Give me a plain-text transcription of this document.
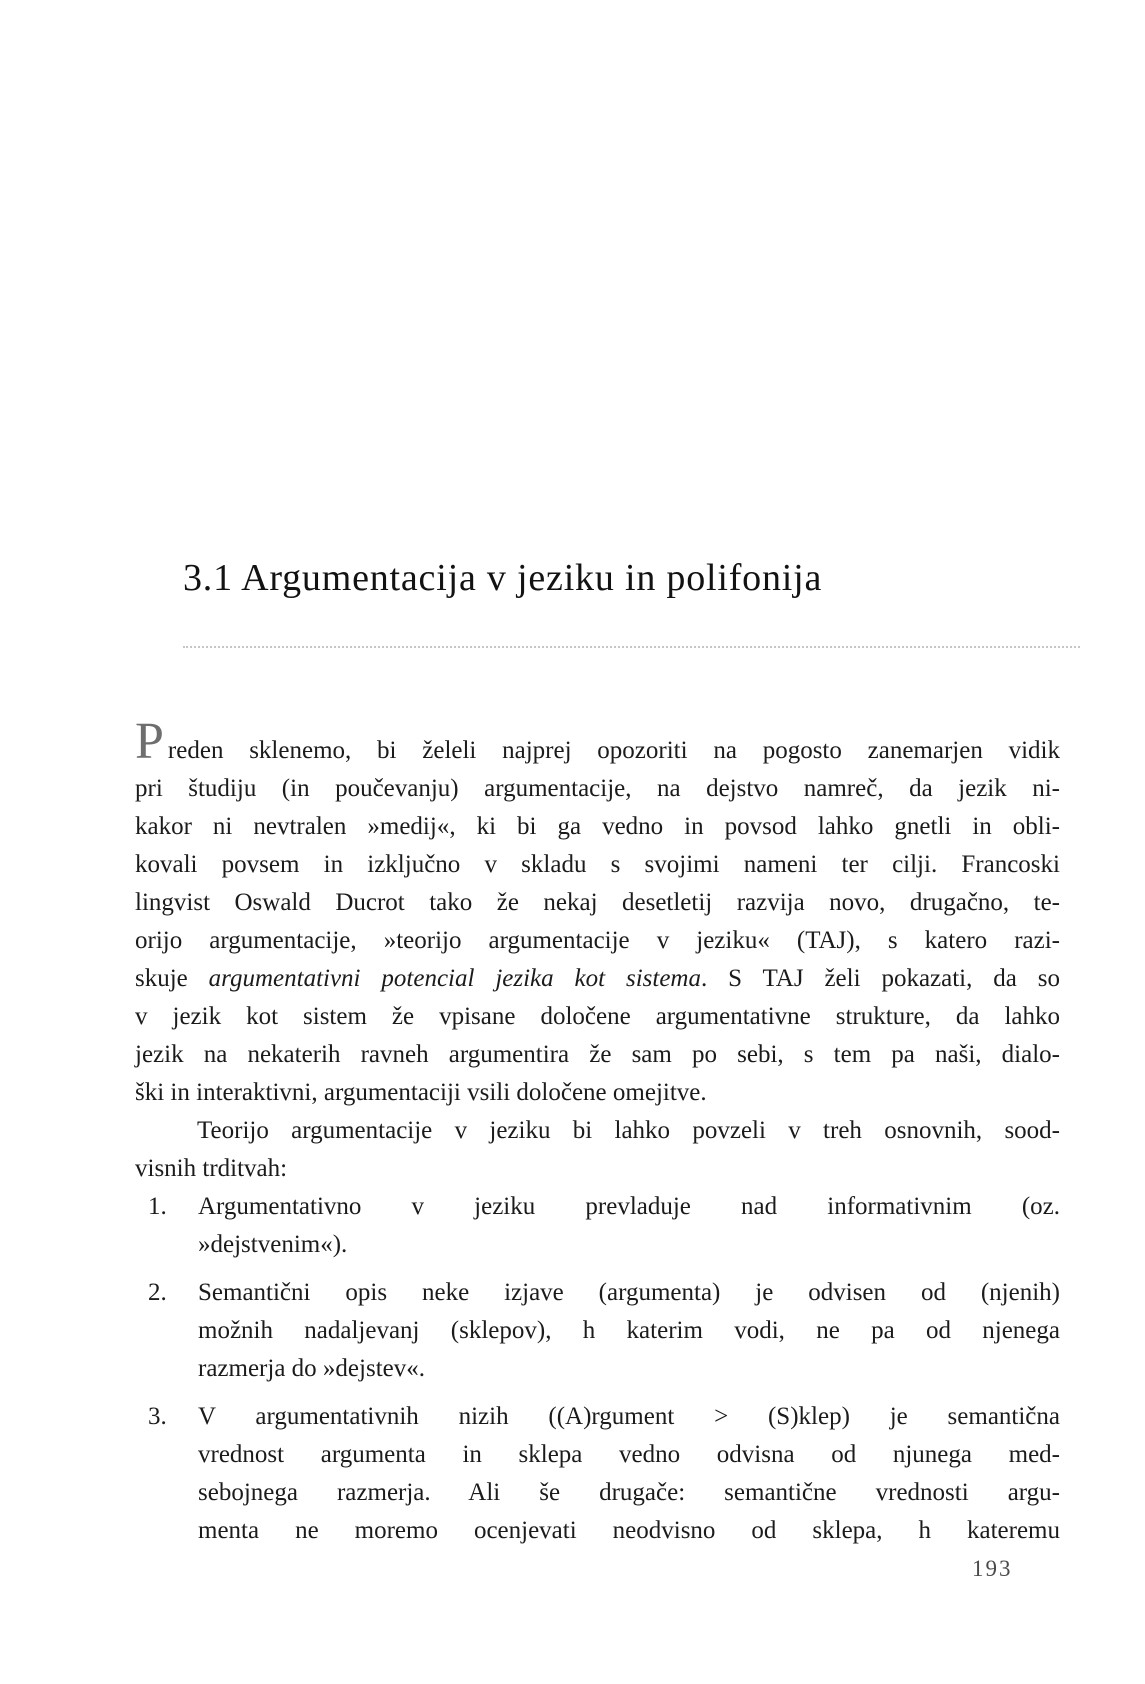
3.1 Argumentacija v jeziku in polifonija
Preden sklenemo, bi želeli najprej opozoriti na pogosto zanemarjen vidik
pri študiju (in poučevanju) argumentacije, na dejstvo namreč, da jezik ni-
kakor ni nevtralen »medij«, ki bi ga vedno in povsod lahko gnetli in obli-
kovali povsem in izključno v skladu s svojimi nameni ter cilji. Francoski
lingvist Oswald Ducrot tako že nekaj desetletij razvija novo, drugačno, te-
orijo argumentacije, »teorijo argumentacije v jeziku« (TAJ), s katero razi-
skuje argumentativni potencial jezika kot sistema. S TAJ želi pokazati, da so
v jezik kot sistem že vpisane določene argumentativne strukture, da lahko
jezik na nekaterih ravneh argumentira že sam po sebi, s tem pa naši, dialo-
ški in interaktivni, argumentaciji vsili določene omejitve.
Teorijo argumentacije v jeziku bi lahko povzeli v treh osnovnih, sood-
visnih trditvah:
1.	Argumentativno v jeziku prevladuje nad informativnim (oz.
»dejstvenim«).
2.	Semantični opis neke izjave (argumenta) je odvisen od (njenih)
možnih nadaljevanj (sklepov), h katerim vodi, ne pa od njenega
razmerja do »dejstev«.
3.	V argumentativnih nizih ((A)rgument > (S)klep) je semantična
vrednost argumenta in sklepa vedno odvisna od njunega med-
sebojnega razmerja. Ali še drugače: semantične vrednosti argu-
menta ne moremo ocenjevati neodvisno od sklepa, h kateremu
193
